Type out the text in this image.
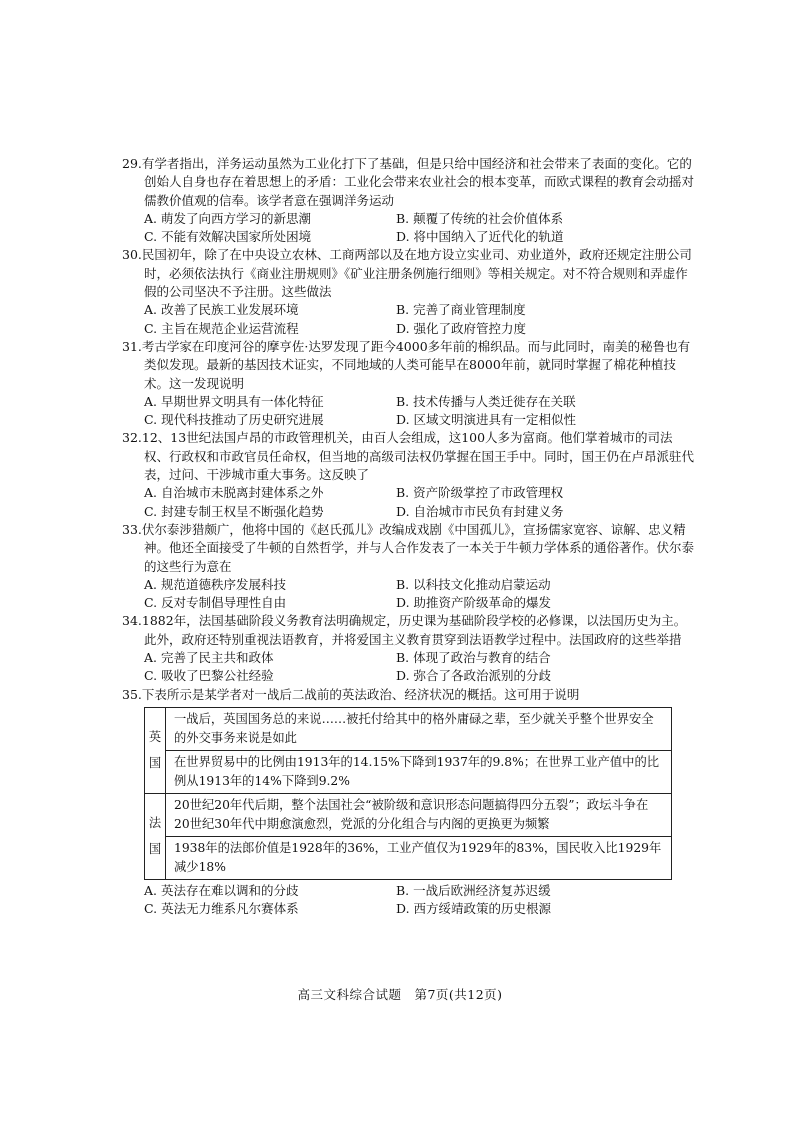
29.有学者指出，洋务运动虽然为工业化打下了基础，但是只给中国经济和社会带来了表面的变化。它的创始人自身也存在着思想上的矛盾：工业化会带来农业社会的根本变革，而欧式课程的教育会动摇对儒教价值观的信奉。该学者意在强调洋务运动

A. 萌发了向西方学习的新思潮	B. 颠覆了传统的社会价值体系
C. 不能有效解决国家所处困境	D. 将中国纳入了近代化的轨道

30.民国初年，除了在中央设立农林、工商两部以及在地方设立实业司、劝业道外，政府还规定注册公司时，必须依法执行《商业注册规则》《矿业注册条例施行细则》等相关规定。对不符合规则和弄虚作假的公司坚决不予注册。这些做法

A. 改善了民族工业发展环境	B. 完善了商业管理制度
C. 主旨在规范企业运营流程	D. 强化了政府管控力度

31.考古学家在印度河谷的摩亨佐·达罗发现了距今4000多年前的棉织品。而与此同时，南美的秘鲁也有类似发现。最新的基因技术证实，不同地域的人类可能早在8000年前，就同时掌握了棉花种植技术。这一发现说明

A. 早期世界文明具有一体化特征	B. 技术传播与人类迁徙存在关联
C. 现代科技推动了历史研究进展	D. 区域文明演进具有一定相似性

32.12、13世纪法国卢昂的市政管理机关，由百人会组成，这100人多为富商。他们掌着城市的司法权、行政权和市政官员任命权，但当地的高级司法权仍掌握在国王手中。同时，国王仍在卢昂派驻代表，过问、干涉城市重大事务。这反映了

A. 自治城市未脱离封建体系之外	B. 资产阶级掌控了市政管理权
C. 封建专制王权呈不断强化趋势	D. 自治城市市民负有封建义务

33.伏尔泰涉猎颇广，他将中国的《赵氏孤儿》改编成戏剧《中国孤儿》，宣扬儒家宽容、谅解、忠义精神。他还全面接受了牛顿的自然哲学，并与人合作发表了一本关于牛顿力学体系的通俗著作。伏尔泰的这些行为意在

A. 规范道德秩序发展科技	B. 以科技文化推动启蒙运动
C. 反对专制倡导理性自由	D. 助推资产阶级革命的爆发

34.1882年，法国基础阶段义务教育法明确规定，历史课为基础阶段学校的必修课，以法国历史为主。此外，政府还特别重视法语教育，并将爱国主义教育贯穿到法语教学过程中。法国政府的这些举措

A. 完善了民主共和政体	B. 体现了政治与教育的结合
C. 吸收了巴黎公社经验	D. 弥合了各政治派别的分歧

35.下表所示是某学者对一战后二战前的英法政治、经济状况的概括。这可用于说明

英
国	一战后，英国国务总的来说……被托付给其中的格外庸碌之辈，至少就关乎整个世界安全的外交事务来说是如此
	在世界贸易中的比例由1913年的14.15%下降到1937年的9.8%；在世界工业产值中的比例从1913年的14%下降到9.2%
法
国	20世纪20年代后期，整个法国社会“被阶级和意识形态问题搞得四分五裂”；政坛斗争在20世纪30年代中期愈演愈烈，党派的分化组合与内阁的更换更为频繁
	1938年的法郎价值是1928年的36%，工业产值仅为1929年的83%，国民收入比1929年减少18%
A. 英法存在难以调和的分歧	B. 一战后欧洲经济复苏迟缓
C. 英法无力维系凡尔赛体系	D. 西方绥靖政策的历史根源
高三文科综合试题　第7页(共12页)
